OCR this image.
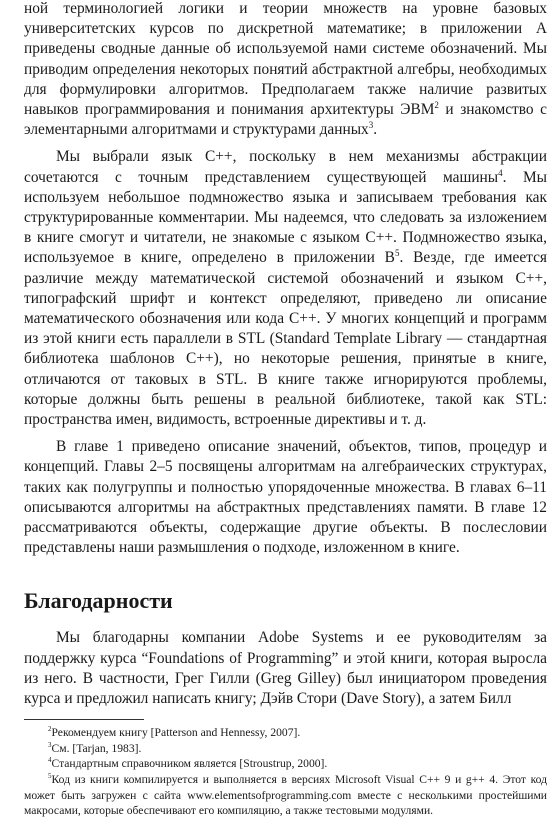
ной терминологией логики и теории множеств на уровне базовых университетских курсов по дискретной математике; в приложении A приведены сводные данные об используемой нами системе обозначений. Мы приводим определения некоторых понятий абстрактной алгебры, необходимых для формулировки алгоритмов. Предполагаем также наличие развитых навыков программирования и понимания архитектуры ЭВМ$^2$ и знакомство с элементарными алгоритмами и структурами данных$^3$.

Мы выбрали язык C++, поскольку в нем механизмы абстракции сочетаются с точным представлением существующей машины$^4$. Мы используем небольшое подмножество языка и записываем требования как структурированные комментарии. Мы надеемся, что следовать за изложением в книге смогут и читатели, не знакомые с языком C++. Подмножество языка, используемое в книге, определено в приложении $B^5$. Везде, где имеется различие между математической системой обозначений и языком C++, типографский шрифт и контекст определяют, приведено ли описание математического обозначения или кода C++. У многих концепций и программ из этой книги есть параллели в STL (Standard Template Library — стандартная библиотека шаблонов C++), но некоторые решения, принятые в книге, отличаются от таковых в STL. В книге также игнорируются проблемы, которые должны быть решены в реальной библиотеке, такой как STL: пространства имен, видимость, встроенные директивы и т. д.

В главе 1 приведено описание значений, объектов, типов, процедур и концепций. Главы 2–5 посвящены алгоритмам на алгебраических структурах, таких как полугруппы и полностью упорядоченные множества. В главах 6–11 описываются алгоритмы на абстрактных представлениях памяти. В главе 12 рассматриваются объекты, содержащие другие объекты. В послесловии представлены наши размышления о подходе, изложенном в книге.

Благодарности

Мы благодарны компании Adobe Systems и ее руководителям за поддержку курса “Foundations of Programming” и этой книги, которая выросла из него. В частности, Грег Гилли (Greg Gilley) был инициатором проведения курса и предложил написать книгу; Дэйв Стори (Dave Story), а затем Билл

$^2$Рекомендуем книгу [Patterson and Hennessy, 2007].

$^3$См. [Tarjan, 1983].

$^4$Стандартным справочником является [Stroustrup, 2000].

$^5$Код из книги компилируется и выполняется в версиях Microsoft Visual C++ 9 и g++ 4. Этот код может быть загружен с сайта www.elementsofprogramming.com вместе с несколькими простейшими макросами, которые обеспечивают его компиляцию, а также тестовыми модулями.
